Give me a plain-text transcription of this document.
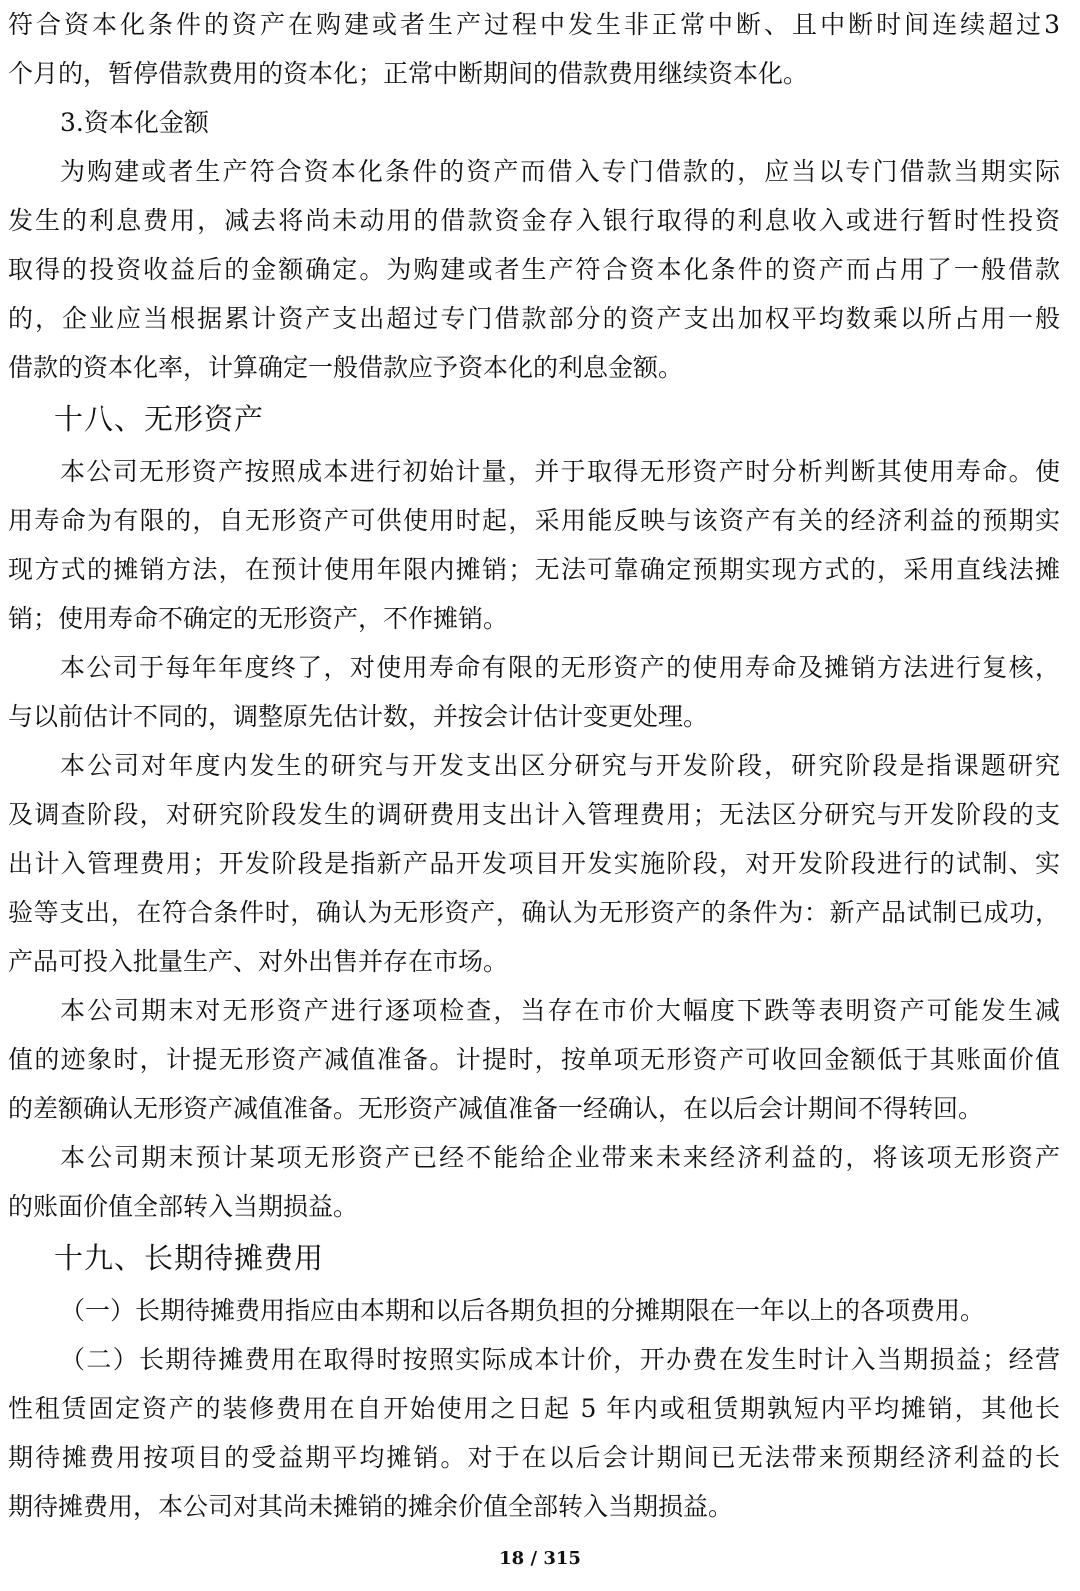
符合资本化条件的资产在购建或者生产过程中发生非正常中断、且中断时间连续超过3
个月的，暂停借款费用的资本化；正常中断期间的借款费用继续资本化。
3.资本化金额
为购建或者生产符合资本化条件的资产而借入专门借款的，应当以专门借款当期实际
发生的利息费用，减去将尚未动用的借款资金存入银行取得的利息收入或进行暂时性投资
取得的投资收益后的金额确定。为购建或者生产符合资本化条件的资产而占用了一般借款
的，企业应当根据累计资产支出超过专门借款部分的资产支出加权平均数乘以所占用一般
借款的资本化率，计算确定一般借款应予资本化的利息金额。
十八、无形资产
本公司无形资产按照成本进行初始计量，并于取得无形资产时分析判断其使用寿命。使
用寿命为有限的，自无形资产可供使用时起，采用能反映与该资产有关的经济利益的预期实
现方式的摊销方法，在预计使用年限内摊销；无法可靠确定预期实现方式的，采用直线法摊
销；使用寿命不确定的无形资产，不作摊销。
本公司于每年年度终了，对使用寿命有限的无形资产的使用寿命及摊销方法进行复核，
与以前估计不同的，调整原先估计数，并按会计估计变更处理。
本公司对年度内发生的研究与开发支出区分研究与开发阶段，研究阶段是指课题研究
及调查阶段，对研究阶段发生的调研费用支出计入管理费用；无法区分研究与开发阶段的支
出计入管理费用；开发阶段是指新产品开发项目开发实施阶段，对开发阶段进行的试制、实
验等支出，在符合条件时，确认为无形资产，确认为无形资产的条件为：新产品试制已成功，
产品可投入批量生产、对外出售并存在市场。
本公司期末对无形资产进行逐项检查，当存在市价大幅度下跌等表明资产可能发生减
值的迹象时，计提无形资产减值准备。计提时，按单项无形资产可收回金额低于其账面价值
的差额确认无形资产减值准备。无形资产减值准备一经确认，在以后会计期间不得转回。
本公司期末预计某项无形资产已经不能给企业带来未来经济利益的，将该项无形资产
的账面价值全部转入当期损益。
十九、长期待摊费用
（一）长期待摊费用指应由本期和以后各期负担的分摊期限在一年以上的各项费用。
（二）长期待摊费用在取得时按照实际成本计价，开办费在发生时计入当期损益；经营
性租赁固定资产的装修费用在自开始使用之日起 5 年内或租赁期孰短内平均摊销，其他长
期待摊费用按项目的受益期平均摊销。对于在以后会计期间已无法带来预期经济利益的长
期待摊费用，本公司对其尚未摊销的摊余价值全部转入当期损益。
18 / 315
